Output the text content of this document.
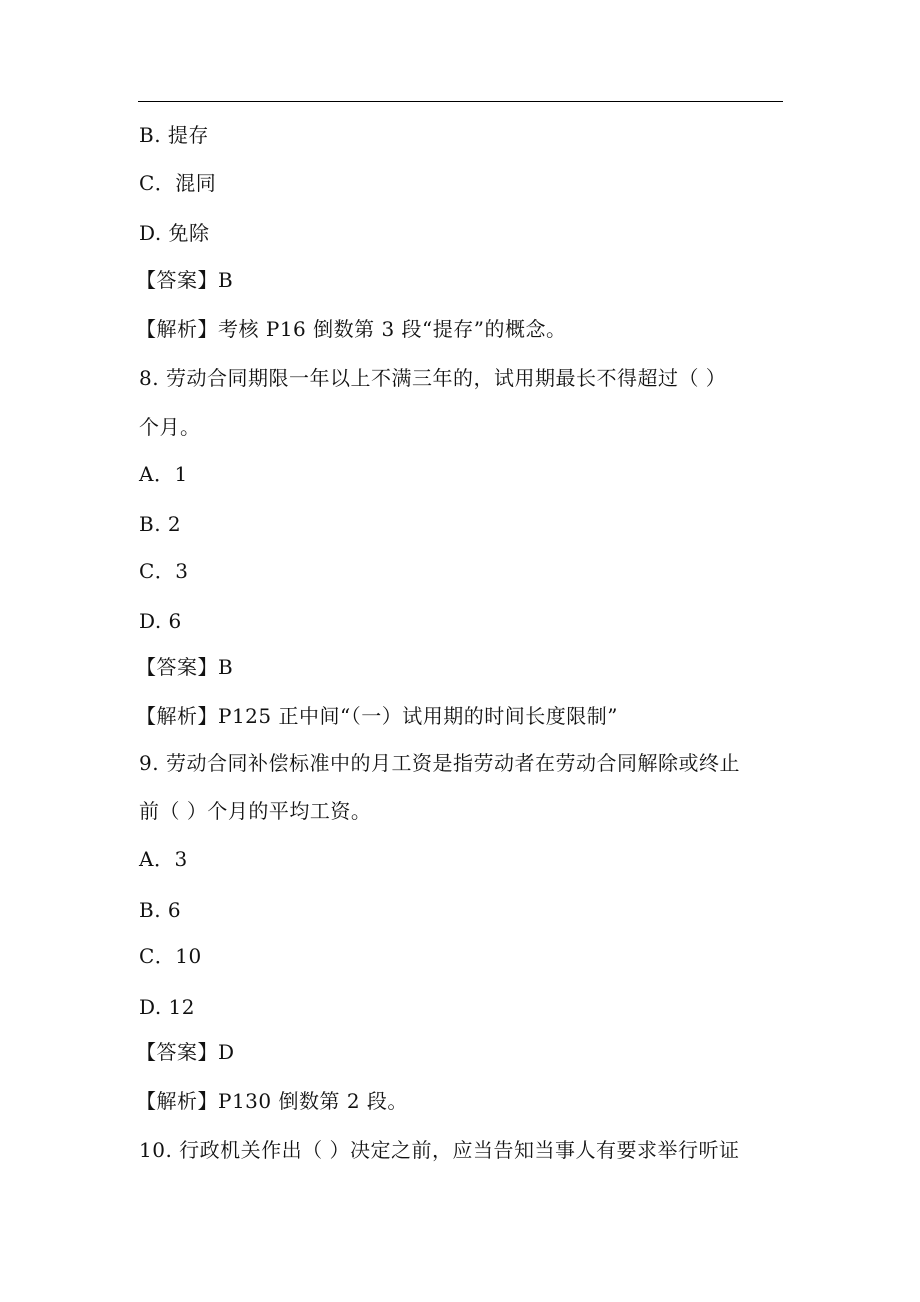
B. 提存
C．混同
D. 免除
【答案】B
【解析】考核 P16 倒数第 3 段“提存”的概念。
8. 劳动合同期限一年以上不满三年的，试用期最长不得超过（ ）
个月。
A．1
B. 2
C．3
D. 6
【答案】B
【解析】P125 正中间“（一）试用期的时间长度限制”
9. 劳动合同补偿标准中的月工资是指劳动者在劳动合同解除或终止
前（ ）个月的平均工资。
A．3
B. 6
C．10
D. 12
【答案】D
【解析】P130 倒数第 2 段。
10. 行政机关作出（ ）决定之前，应当告知当事人有要求举行听证
